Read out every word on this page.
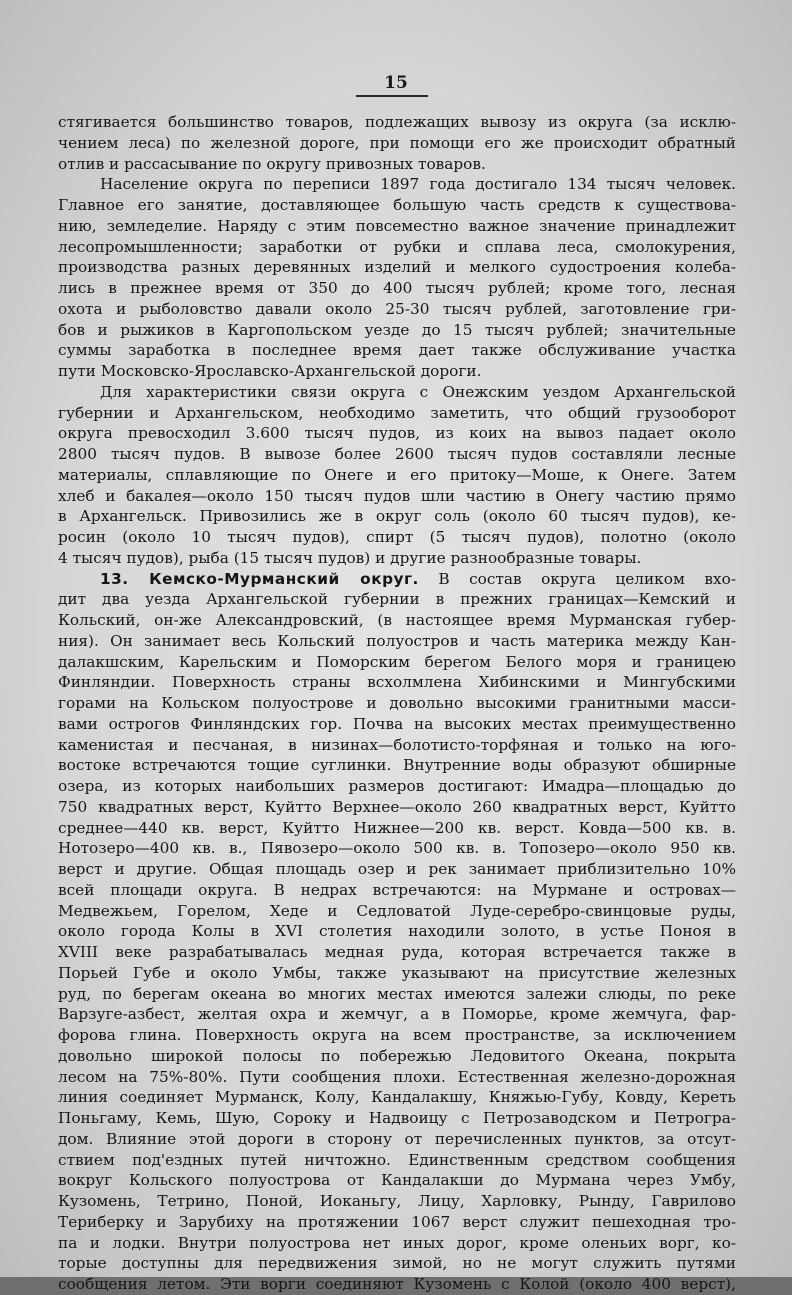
15

стягивается большинство товаров, подлежащих вывозу из округа (за исклю-
чением леса) по железной дороге, при помощи его же происходит обратный
отлив и рассасывание по округу привозных товаров.

Население округа по переписи 1897 года достигало 134 тысяч человек.
Главное его занятие, доставляющее большую часть средств к существова-
нию, земледелие. Наряду с этим повсеместно важное значение принадлежит
лесопромышленности; заработки от рубки и сплава леса, смолокурения,
производства разных деревянных изделий и мелкого судостроения колеба-
лись в прежнее время от 350 до 400 тысяч рублей; кроме того, лесная
охота и рыболовство давали около 25-30 тысяч рублей, заготовление гри-
бов и рыжиков в Каргопольском уезде до 15 тысяч рублей; значительные
суммы заработка в последнее время дает также обслуживание участка
пути Московско-Ярославско-Архангельской дороги.

Для характеристики связи округа с Онежским уездом Архангельской
губернии и Архангельском, необходимо заметить, что общий грузооборот
округа превосходил 3.600 тысяч пудов, из коих на вывоз падает около
2800 тысяч пудов. В вывозе более 2600 тысяч пудов составляли лесные
материалы, сплавляющие по Онеге и его притоку—Моше, к Онеге. Затем
хлеб и бакалея—около 150 тысяч пудов шли частию в Онегу частию прямо
в Архангельск. Привозились же в округ соль (около 60 тысяч пудов), ке-
росин (около 10 тысяч пудов), спирт (5 тысяч пудов), полотно (около
4 тысяч пудов), рыба (15 тысяч пудов) и другие разнообразные товары.

13. Кемско-Мурманский округ. В состав округа целиком вхо-
дит два уезда Архангельской губернии в прежних границах—Кемский и
Кольский, он-же Александровский, (в настоящее время Мурманская губер-
ния). Он занимает весь Кольский полуостров и часть материка между Кан-
далакшским, Карельским и Поморским берегом Белого моря и границею
Финляндии. Поверхность страны всхолмлена Хибинскими и Мингубскими
горами на Кольском полуострове и довольно высокими гранитными масси-
вами острогов Финляндских гор. Почва на высоких местах преимущественно
каменистая и песчаная, в низинах—болотисто-торфяная и только на юго-
востоке встречаются тощие суглинки. Внутренние воды образуют обширные
озера, из которых наибольших размеров достигают: Имадра—площадью до
750 квадратных верст, Куйтто Верхнее—около 260 квадратных верст, Куйтто
среднее—440 кв. верст, Куйтто Нижнее—200 кв. верст. Ковда—500 кв. в.
Нотозеро—400 кв. в., Пявозеро—около 500 кв. в. Топозеро—около 950 кв.
верст и другие. Общая площадь озер и рек занимает приблизительно 10%
всей площади округа. В недрах встречаются: на Мурмане и островах—
Медвежьем, Горелом, Хеде и Седловатой Луде-серебро-свинцовые руды,
около города Колы в XVI столетия находили золото, в устье Поноя в
XVIII веке разрабатывалась медная руда, которая встречается также в
Порьей Губе и около Умбы, также указывают на присутствие железных
руд, по берегам океана во многих местах имеются залежи слюды, по реке
Варзуге-азбест, желтая охра и жемчуг, а в Поморье, кроме жемчуга, фар-
форова глина. Поверхность округа на всем пространстве, за исключением
довольно широкой полосы по побережью Ледовитого Океана, покрыта
лесом на 75%-80%. Пути сообщения плохи. Естественная железно-дорожная
линия соединяет Мурманск, Колу, Кандалакшу, Княжью-Губу, Ковду, Кереть
Поньгаму, Кемь, Шую, Сороку и Надвоицу с Петрозаводском и Петрогра-
дом. Влияние этой дороги в сторону от перечисленных пунктов, за отсут-
ствием под'ездных путей ничтожно. Единственным средством сообщения
вокруг Кольского полуострова от Кандалакши до Мурмана через Умбу,
Кузомень, Тетрино, Поной, Иоканьгу, Лицу, Харловку, Рынду, Гаврилово
Териберку и Зарубиху на протяжении 1067 верст служит пешеходная тро-
па и лодки. Внутри полуострова нет иных дорог, кроме оленьих ворг, ко-
торые доступны для передвижения зимой, но не могут служить путями
сообщения летом. Эти ворги соединяют Кузомень с Колой (около 400 верст),
